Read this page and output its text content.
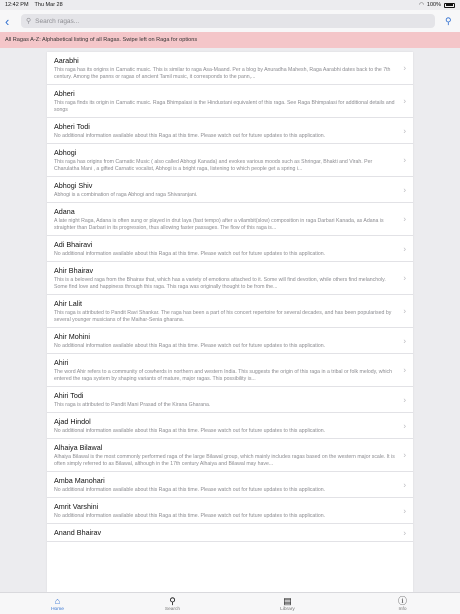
12:42 PM Thu Mar 28	◠ 100%
‹	⚲ Search ragas...	⚲
All Ragas A-Z: Alphabetical listing of all Ragas. Swipe left on Raga for options
Aarabhi
This raga has its origins in Carnatic music. This is similar to raga Asa-Maand. Per a blog by Anuradha Mahesh, Raga Aarabhi dates back to the 7th century. Among the panns or ragas of ancient Tamil music, it corresponds to the pann,...
›
Abheri
This raga finds its origin in Carnatic music. Raga Bhimpalasi is the Hindustani equivalent of this raga. See Raga Bhimpalasi for additional details and songs
›
Abheri Todi
No additional information available about this Raga at this time. Please watch out for future updates to this application.
›
Abhogi
This raga has origins from Carnatic Music ( also called Abhogi Kanada) and evokes various moods such as Shringar, Bhakti and Virah. Per Charulatha Mani , a gifted Carnatic vocalist, Abhogi is a bright raga, listening to which people get a spring i...
›
Abhogi Shiv
Abhogi is a combination of raga Abhogi and raga Shivaranjani.
›
Adana
A late night Raga, Adana is often sung or played in drut laya (fast tempo) after a vilambit(slow) composition in raga Darbari Kanada, as Adana is straighter than Darbari in its progression, thus allowing faster passages. The flow of this raga is...
›
Adi Bhairavi
No additional information available about this Raga at this time. Please watch out for future updates to this application.
›
Ahir Bhairav
This is a beloved raga from the Bhairav that, which has a variety of emotions attached to it. Some will find devotion, while others find melancholy. Some find love and happiness through this raga. This raga was originally thought to be from the...
›
Ahir Lalit
This raga is attributed to Pandit Ravi Shankar. The raga has been a part of his concert repertoire for several decades, and has been popularised by several younger musicians of the Maihar-Senia gharana.
›
Ahir Mohini
No additional information available about this Raga at this time. Please watch out for future updates to this application.
›
Ahiri
The word Ahir refers to a community of cowherds in northern and western India. This suggests the origin of this raga in a tribal or folk melody, which entered the raga system by shaping variants of mature, major ragas. This possibility is...
›
Ahiri Todi
This raga is attributed to Pandit Mani Prasad of the Kirana Gharana.
›
Ajad Hindol
No additional information available about this Raga at this time. Please watch out for future updates to this application.
›
Alhaiya Bilawal
Alhaiya Bilawal is the most commonly performed raga of the large Bilawal group, which mainly includes ragas based on the western major scale. It is often simply referred to as Bilawal, although in the 17th century Alhaiya and Bilawal may have...
›
Amba Manohari
No additional information available about this Raga at this time. Please watch out for future updates to this application.
›
Amrit Varshini
No additional information available about this Raga at this time. Please watch out for future updates to this application.
›
Anand Bhairav	›
⌂
Home
⚲
Search
▤
Library
ⓘ
Info
